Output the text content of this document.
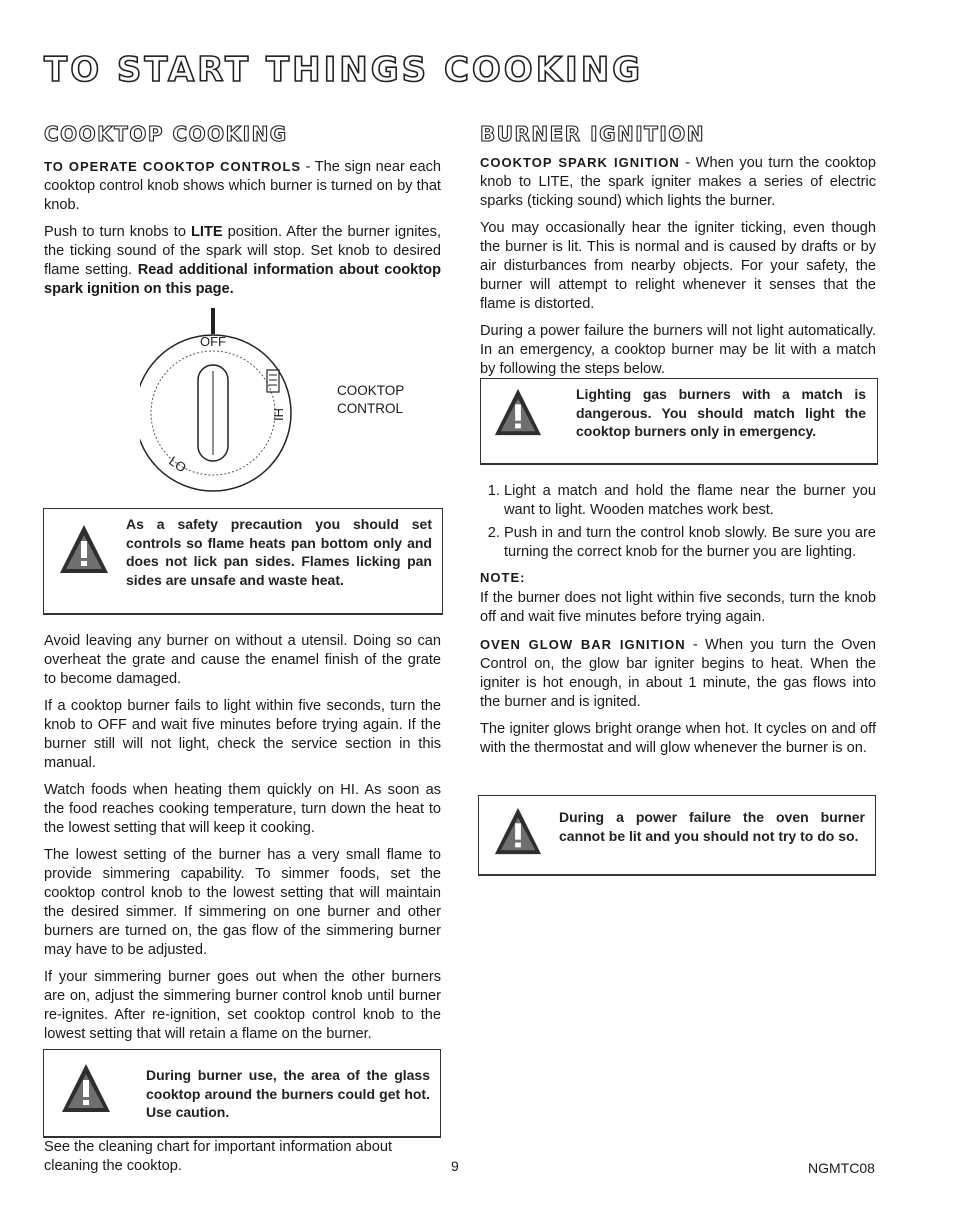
TO START THINGS COOKING
COOKTOP COOKING

TO OPERATE COOKTOP CONTROLS - The sign near each cooktop control knob shows which burner is turned on by that knob.

Push to turn knobs to LITE position. After the burner ignites, the ticking sound of the spark will stop. Set knob to desired flame setting. Read additional information about cooktop spark ignition on this page.

OFF
HI
LO
COOKTOP
CONTROL
As a safety precaution you should set controls so flame heats pan bottom only and does not lick pan sides. Flames licking pan sides are unsafe and waste heat.

Avoid leaving any burner on without a utensil. Doing so can overheat the grate and cause the enamel finish of the grate to become damaged.

If a cooktop burner fails to light within five seconds, turn the knob to OFF and wait five minutes before trying again. If the burner still will not light, check the service section in this manual.

Watch foods when heating them quickly on HI. As soon as the food reaches cooking temperature, turn down the heat to the lowest setting that will keep it cooking.

The lowest setting of the burner has a very small flame to provide simmering capability. To simmer foods, set the cooktop control knob to the lowest setting that will maintain the desired simmer. If simmering on one burner and other burners are turned on, the gas flow of the simmering burner may have to be adjusted.

If your simmering burner goes out when the other burners are on, adjust the simmering burner control knob until burner re-ignites. After re-ignition, set cooktop control knob to the lowest setting that will retain a flame on the burner.

During burner use, the area of the glass cooktop around the burners could get hot. Use caution.
See the cleaning chart for important information about cleaning the cooktop.
BURNER IGNITION

COOKTOP SPARK IGNITION - When you turn the cooktop knob to LITE, the spark igniter makes a series of electric sparks (ticking sound) which lights the burner.

You may occasionally hear the igniter ticking, even though the burner is lit. This is normal and is caused by drafts or by air disturbances from nearby objects. For your safety, the burner will attempt to relight whenever it senses that the flame is distorted.

During a power failure the burners will not light automatically. In an emergency, a cooktop burner may be lit with a match by following the steps below.

Lighting gas burners with a match is dangerous. You should match light the cooktop burners only in emergency.
1. Light a match and hold the flame near the burner you want to light. Wooden matches work best.
2. Push in and turn the control knob slowly. Be sure you are turning the correct knob for the burner you are lighting.
NOTE:

If the burner does not light within five seconds, turn the knob off and wait five minutes before trying again.

OVEN GLOW BAR IGNITION - When you turn the Oven Control on, the glow bar igniter begins to heat. When the igniter is hot enough, in about 1 minute, the gas flows into the burner and is ignited.

The igniter glows bright orange when hot. It cycles on and off with the thermostat and will glow whenever the burner is on.

During a power failure the oven burner cannot be lit and you should not try to do so.
9	NGMTC08
